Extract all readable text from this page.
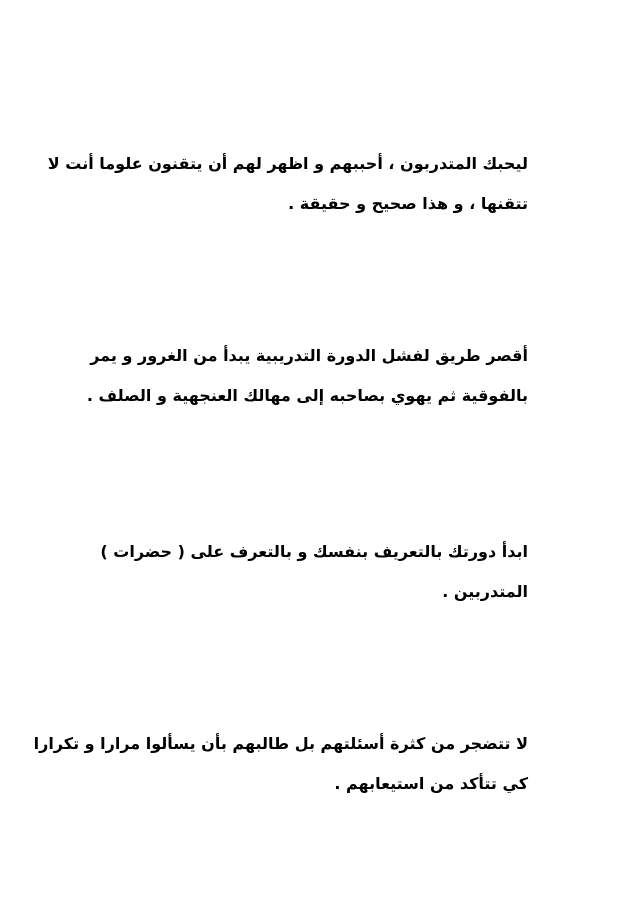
ليحبك المتدربون ، أحببهم و اظهر لهم أن يتقنون علوما أنت لا
تتقنها ، و هذا صحيح و حقيقة .

أقصر طريق لفشل الدورة التدريبية يبدأ من الغرور و يمر
بالفوقية ثم يهوي بصاحبه إلى مهالك العنجهية و الصلف .

ابدأ دورتك بالتعريف بنفسك و بالتعرف على ( حضرات )
المتدربين .

لا تتضجر من كثرة أسئلتهم بل طالبهم بأن يسألوا مرارا و تكرارا
كي تتأكد من استيعابهم .
